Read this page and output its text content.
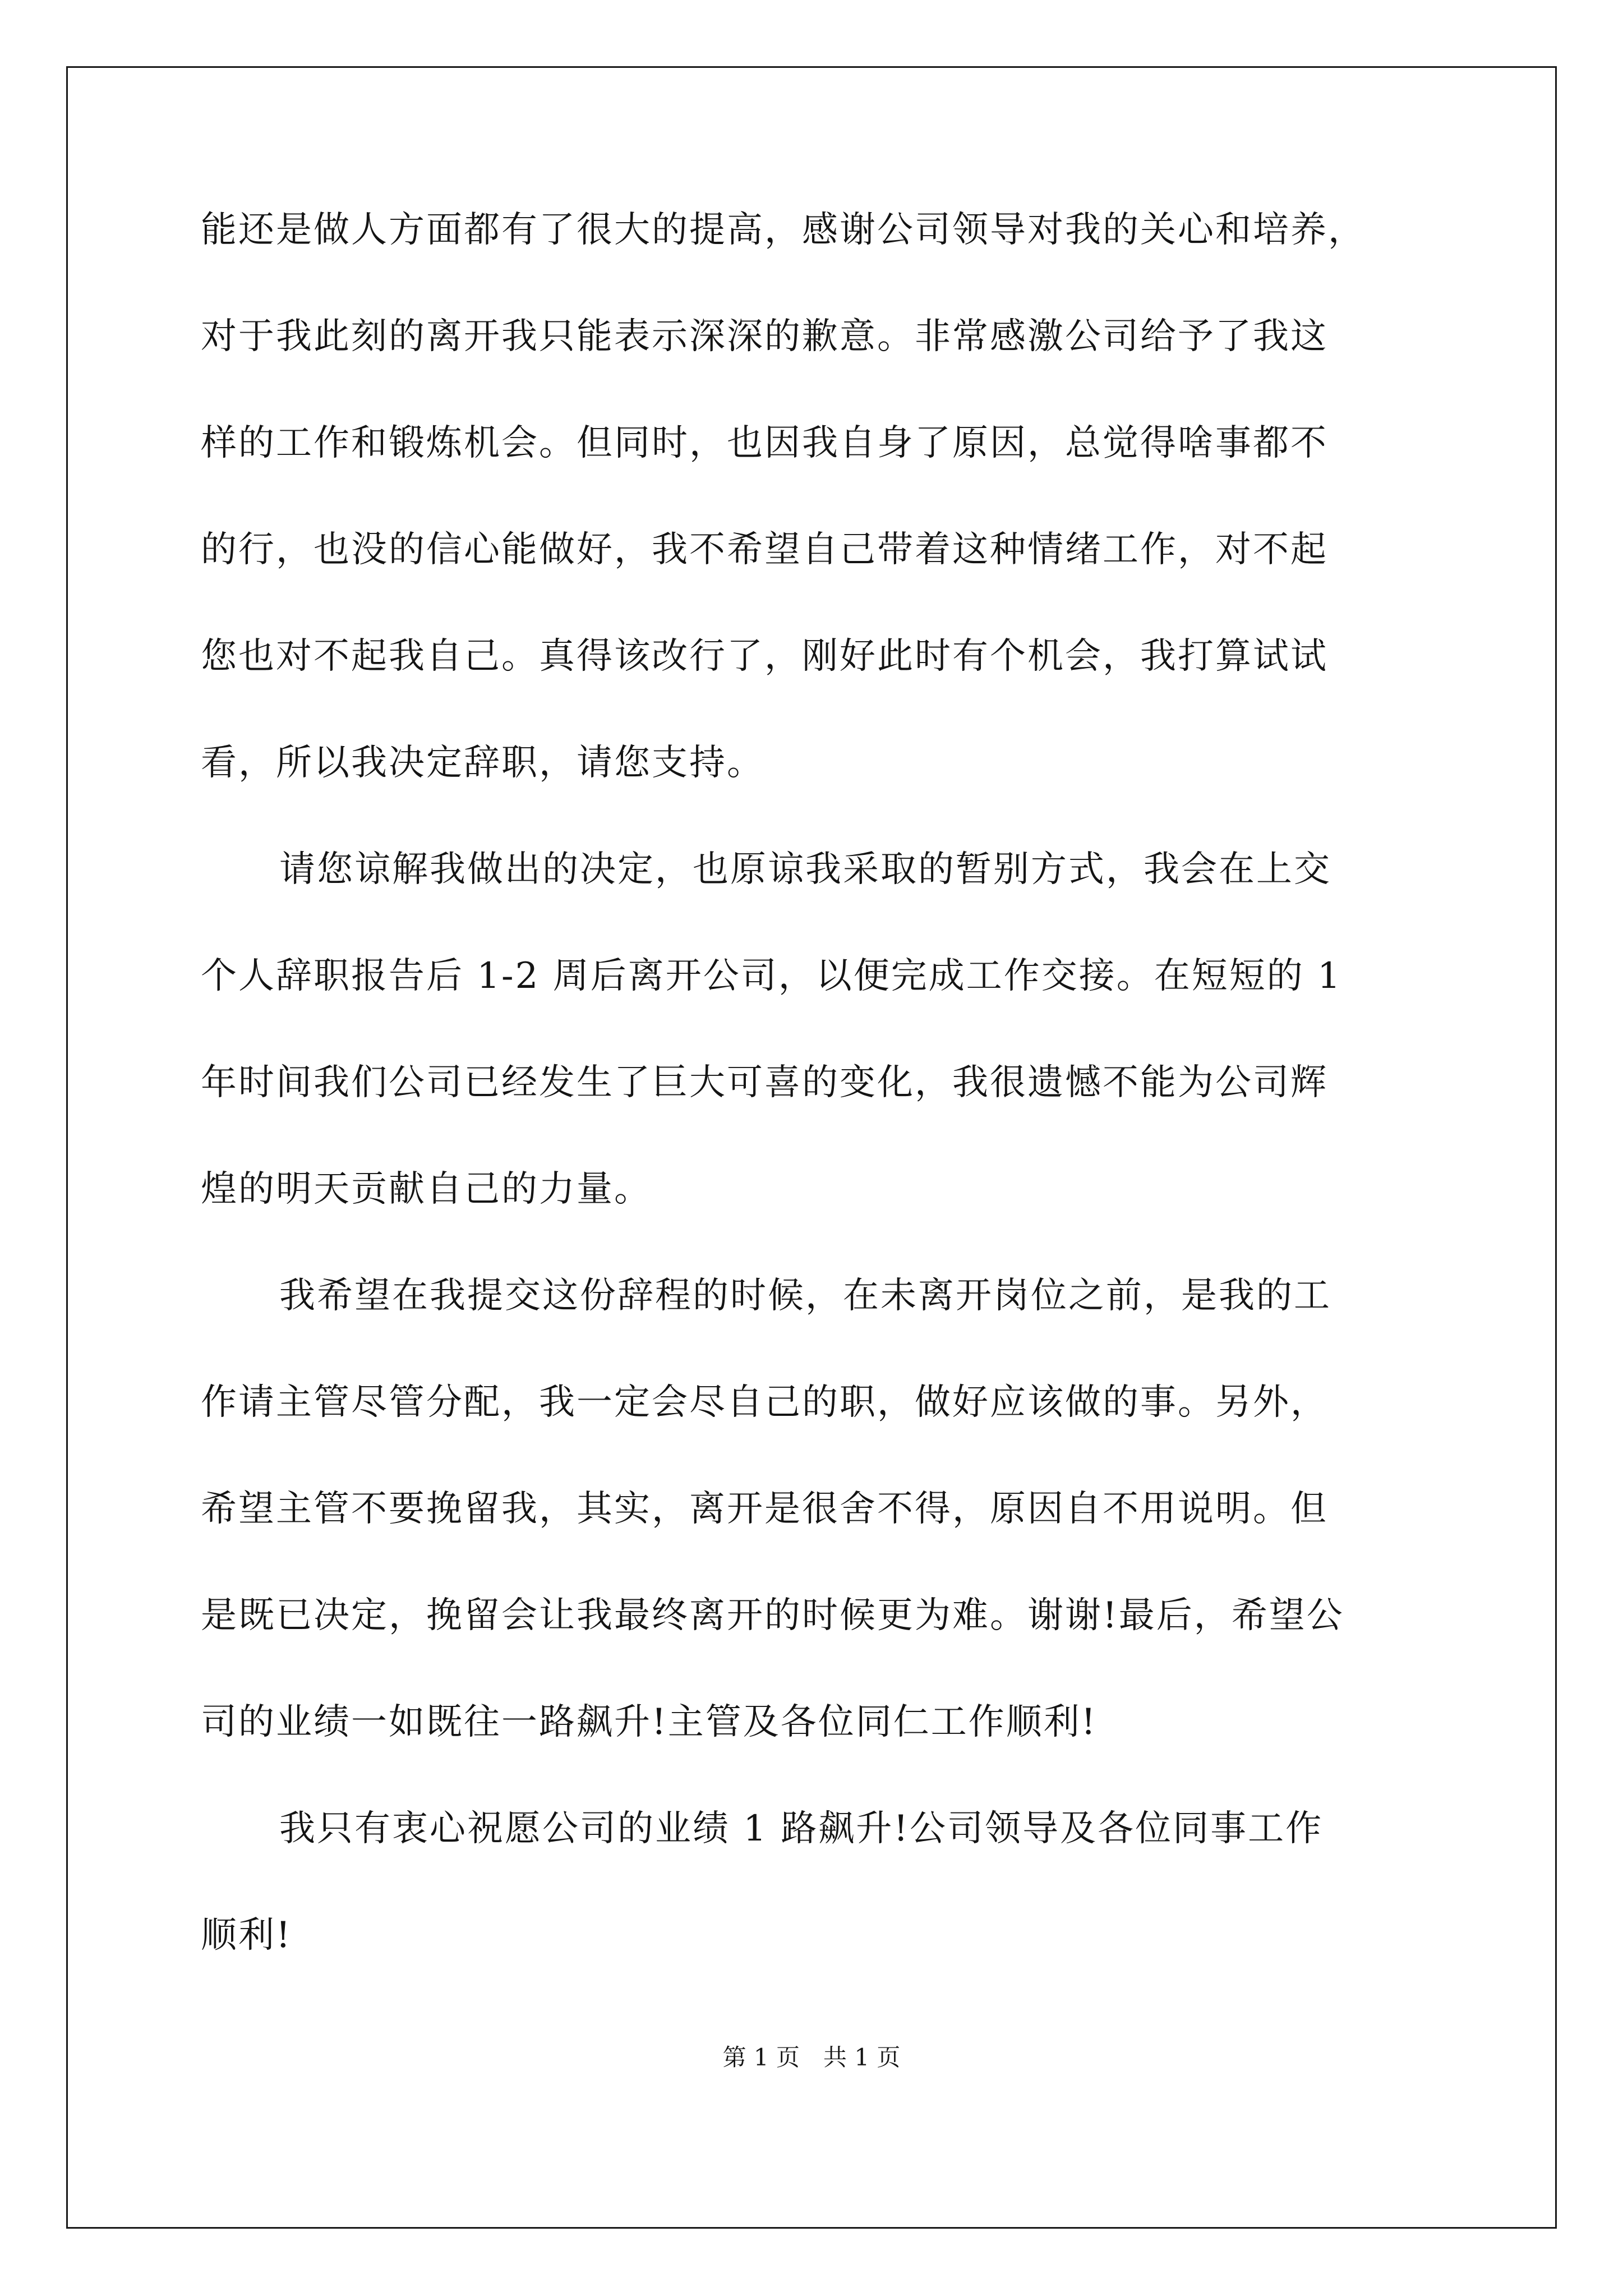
能还是做人方面都有了很大的提高，感谢公司领导对我的关心和培养，
对于我此刻的离开我只能表示深深的歉意。非常感激公司给予了我这
样的工作和锻炼机会。但同时，也因我自身了原因，总觉得啥事都不
的行，也没的信心能做好，我不希望自己带着这种情绪工作，对不起
您也对不起我自己。真得该改行了，刚好此时有个机会，我打算试试
看，所以我决定辞职，请您支持。
请您谅解我做出的决定，也原谅我采取的暂别方式，我会在上交
个人辞职报告后 1-2 周后离开公司，以便完成工作交接。在短短的 1
年时间我们公司已经发生了巨大可喜的变化，我很遗憾不能为公司辉
煌的明天贡献自己的力量。
我希望在我提交这份辞程的时候，在未离开岗位之前，是我的工
作请主管尽管分配，我一定会尽自己的职，做好应该做的事。另外，
希望主管不要挽留我，其实，离开是很舍不得，原因自不用说明。但
是既已决定，挽留会让我最终离开的时候更为难。谢谢!最后，希望公
司的业绩一如既往一路飙升!主管及各位同仁工作顺利!
我只有衷心祝愿公司的业绩 1 路飙升!公司领导及各位同事工作
顺利!
第 1 页　共 1 页
